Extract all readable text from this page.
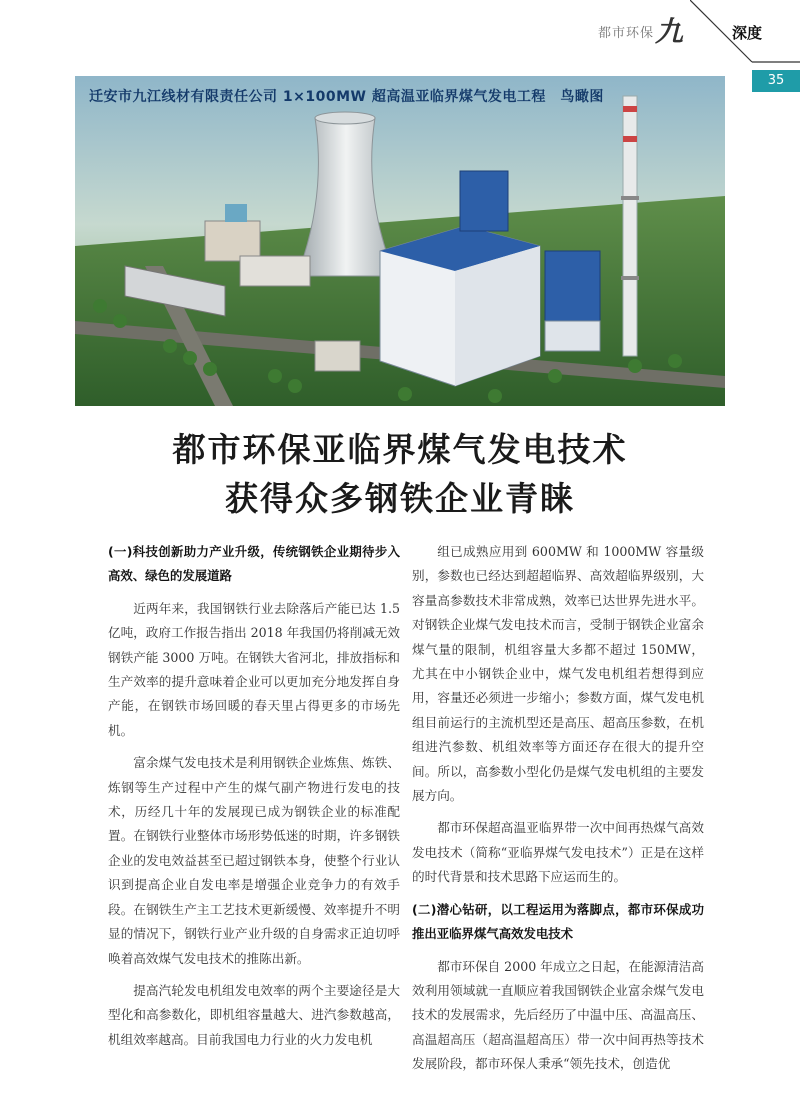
都市环保 九	深度
35
迁安市九江线材有限责任公司 1×100MW 超高温亚临界煤气发电工程　鸟瞰图
都市环保亚临界煤气发电技术
获得众多钢铁企业青睐

(一)科技创新助力产业升级，传统钢铁企业期待步入高效、绿色的发展道路

近两年来，我国钢铁行业去除落后产能已达 1.5 亿吨，政府工作报告指出 2018 年我国仍将削减无效钢铁产能 3000 万吨。在钢铁大省河北，排放指标和生产效率的提升意味着企业可以更加充分地发挥自身产能，在钢铁市场回暖的春天里占得更多的市场先机。

富余煤气发电技术是利用钢铁企业炼焦、炼铁、炼钢等生产过程中产生的煤气副产物进行发电的技术，历经几十年的发展现已成为钢铁企业的标准配置。在钢铁行业整体市场形势低迷的时期，许多钢铁企业的发电效益甚至已超过钢铁本身，使整个行业认识到提高企业自发电率是增强企业竞争力的有效手段。在钢铁生产主工艺技术更新缓慢、效率提升不明显的情况下，钢铁行业产业升级的自身需求正迫切呼唤着高效煤气发电技术的推陈出新。

提高汽轮发电机组发电效率的两个主要途径是大型化和高参数化，即机组容量越大、进汽参数越高，机组效率越高。目前我国电力行业的火力发电机

组已成熟应用到 600MW 和 1000MW 容量级别，参数也已经达到超超临界、高效超临界级别，大容量高参数技术非常成熟，效率已达世界先进水平。对钢铁企业煤气发电技术而言，受制于钢铁企业富余煤气量的限制，机组容量大多都不超过 150MW，尤其在中小钢铁企业中，煤气发电机组若想得到应用，容量还必须进一步缩小；参数方面，煤气发电机组目前运行的主流机型还是高压、超高压参数，在机组进汽参数、机组效率等方面还存在很大的提升空间。所以，高参数小型化仍是煤气发电机组的主要发展方向。

都市环保超高温亚临界带一次中间再热煤气高效发电技术（简称“亚临界煤气发电技术”）正是在这样的时代背景和技术思路下应运而生的。

(二)潜心钻研，以工程运用为落脚点，都市环保成功推出亚临界煤气高效发电技术

都市环保自 2000 年成立之日起，在能源清洁高效利用领域就一直顺应着我国钢铁企业富余煤气发电技术的发展需求，先后经历了中温中压、高温高压、高温超高压（超高温超高压）带一次中间再热等技术发展阶段，都市环保人秉承“领先技术，创造优
